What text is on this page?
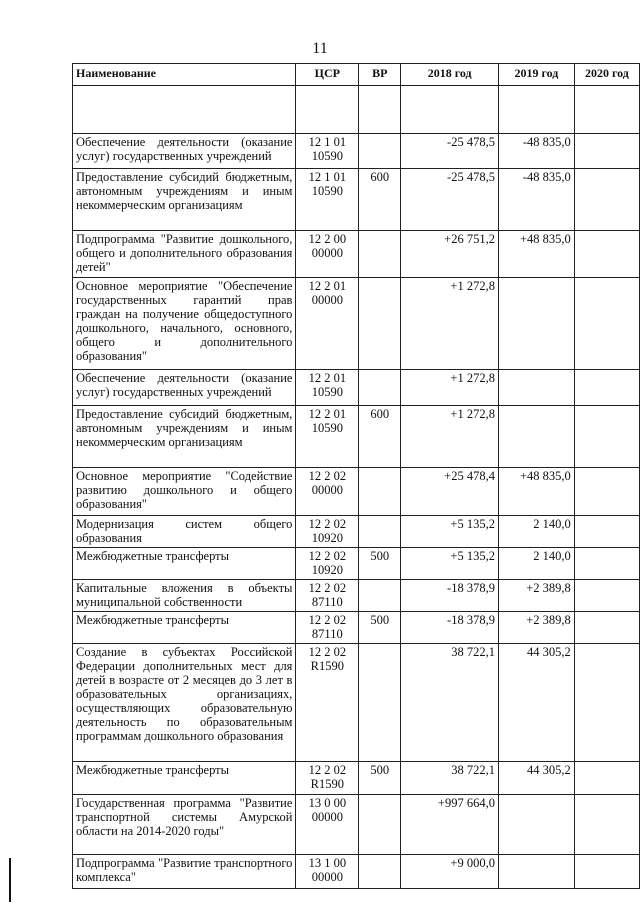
11
Наименование	ЦСР	ВР	2018 год	2019 год	2020 год

Обеспечение деятельности (оказание услуг) государственных учреждений	12 1 01 10590		-25 478,5	-48 835,0	
Предоставление субсидий бюджетным, автономным учреждениям и иным некоммерческим организациям	12 1 01 10590	600	-25 478,5	-48 835,0	
Подпрограмма "Развитие дошкольного, общего и дополнительного образования детей"	12 2 00 00000		+26 751,2	+48 835,0	
Основное мероприятие "Обеспечение государственных гарантий прав граждан на получение общедоступного дошкольного, начального, основного, общего и дополнительного образования"	12 2 01 00000		+1 272,8		
Обеспечение деятельности (оказание услуг) государственных учреждений	12 2 01 10590		+1 272,8		
Предоставление субсидий бюджетным, автономным учреждениям и иным некоммерческим организациям	12 2 01 10590	600	+1 272,8		
Основное мероприятие "Содействие развитию дошкольного и общего образования"	12 2 02 00000		+25 478,4	+48 835,0	
Модернизация систем общего образования	12 2 02 10920		+5 135,2	2 140,0	
Межбюджетные трансферты	12 2 02 10920	500	+5 135,2	2 140,0	
Капитальные вложения в объекты муниципальной собственности	12 2 02 87110		-18 378,9	+2 389,8	
Межбюджетные трансферты	12 2 02 87110	500	-18 378,9	+2 389,8	
Создание в субъектах Российской Федерации дополнительных мест для детей в возрасте от 2 месяцев до 3 лет в образовательных организациях, осуществляющих образовательную деятельность по образовательным программам дошкольного образования	12 2 02 R1590		38 722,1	44 305,2	
Межбюджетные трансферты	12 2 02 R1590	500	38 722,1	44 305,2	
Государственная программа "Развитие транспортной системы Амурской области на 2014-2020 годы"	13 0 00 00000		+997 664,0		
Подпрограмма "Развитие транспортного комплекса"	13 1 00 00000		+9 000,0		
